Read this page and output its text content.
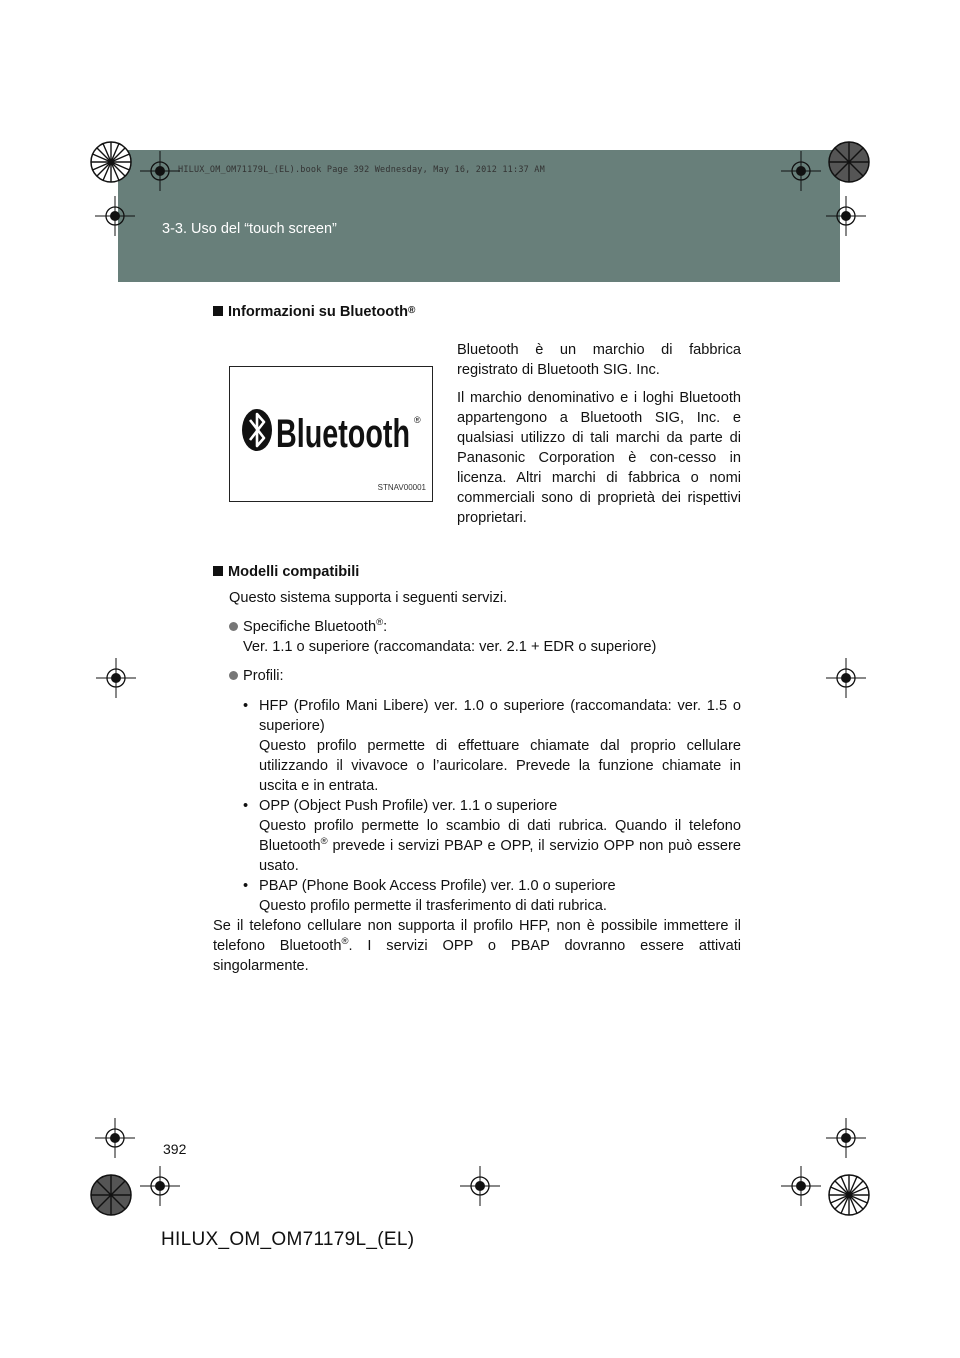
3-3. Uso del “touch screen”
HILUX_OM_OM71179L_(EL).book Page 392 Wednesday, May 16, 2012 11:37 AM
Informazioni su Bluetooth®
Bluetooth ®
STNAV00001

Bluetooth è un marchio di fabbrica registrato di Bluetooth SIG. Inc.

Il marchio denominativo e i loghi Bluetooth appartengono a Bluetooth SIG, Inc. e qualsiasi utilizzo di tali marchi da parte di Panasonic Corporation è con-cesso in licenza. Altri marchi di fabbrica o nomi commerciali sono di proprietà dei rispettivi proprietari.

Modelli compatibili
Questo sistema supporta i seguenti servizi.
Specifiche Bluetooth®:
Ver. 1.1 o superiore (raccomandata: ver. 2.1 + EDR o superiore)
Profili:
• HFP (Profilo Mani Libere) ver. 1.0 o superiore (raccomandata: ver. 1.5 o superiore)
Questo profilo permette di effettuare chiamate dal proprio cellulare utilizzando il vivavoce o l’auricolare. Prevede la funzione chiamate in uscita e in entrata.
• OPP (Object Push Profile) ver. 1.1 o superiore
Questo profilo permette lo scambio di dati rubrica. Quando il telefono Bluetooth® prevede i servizi PBAP e OPP, il servizio OPP non può essere usato.
• PBAP (Phone Book Access Profile) ver. 1.0 o superiore
Questo profilo permette il trasferimento di dati rubrica.
Se il telefono cellulare non supporta il profilo HFP, non è possibile immettere il telefono Bluetooth®. I servizi OPP o PBAP dovranno essere attivati singolarmente.
392
HILUX_OM_OM71179L_(EL)
